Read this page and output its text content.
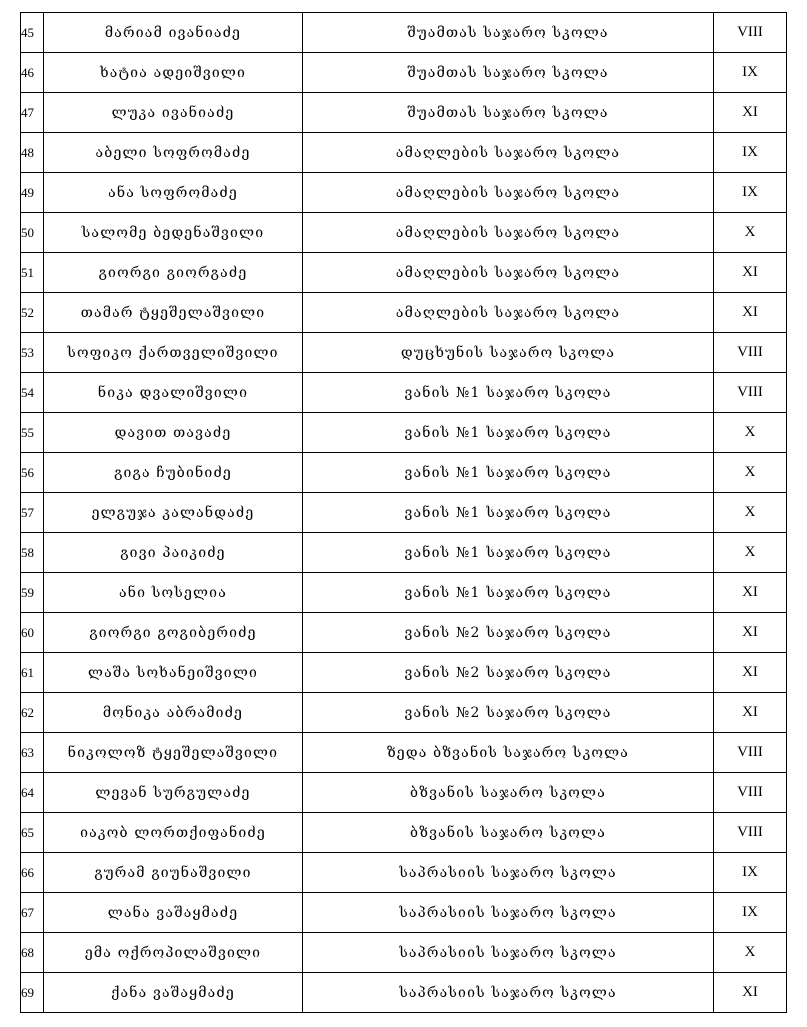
45	მარიამ ივანიაძე	შუამთას საჯარო სკოლა	VIII
46	ხატია ადეიშვილი	შუამთას საჯარო სკოლა	IX
47	ლუკა ივანიაძე	შუამთას საჯარო სკოლა	XI
48	აბელი სოფრომაძე	ამაღლების საჯარო სკოლა	IX
49	ანა სოფრომაძე	ამაღლების საჯარო სკოლა	IX
50	სალომე ბედენაშვილი	ამაღლების საჯარო სკოლა	X
51	გიორგი გიორგაძე	ამაღლების საჯარო სკოლა	XI
52	თამარ ტყეშელაშვილი	ამაღლების საჯარო სკოლა	XI
53	სოფიკო ქართველიშვილი	დუცხუნის საჯარო სკოლა	VIII
54	ნიკა დვალიშვილი	ვანის №1 საჯარო სკოლა	VIII
55	დავით თავაძე	ვანის №1 საჯარო სკოლა	X
56	გიგა ჩუბინიძე	ვანის №1 საჯარო სკოლა	X
57	ელგუჯა კალანდაძე	ვანის №1 საჯარო სკოლა	X
58	გივი პაიკიძე	ვანის №1 საჯარო სკოლა	X
59	ანი სოსელია	ვანის №1 საჯარო სკოლა	XI
60	გიორგი გოგიბერიძე	ვანის №2 საჯარო სკოლა	XI
61	ლაშა სოხანეიშვილი	ვანის №2 საჯარო სკოლა	XI
62	მონიკა აბრამიძე	ვანის №2 საჯარო სკოლა	XI
63	ნიკოლოზ ტყეშელაშვილი	ზედა ბზვანის საჯარო სკოლა	VIII
64	ლევან სურგულაძე	ბზვანის საჯარო სკოლა	VIII
65	იაკობ ლორთქიფანიძე	ბზვანის საჯარო სკოლა	VIII
66	გურამ გიუნაშვილი	საპრასიის საჯარო სკოლა	IX
67	ლანა ვაშაყმაძე	საპრასიის საჯარო სკოლა	IX
68	ემა ოქროპილაშვილი	საპრასიის საჯარო სკოლა	X
69	ქანა ვაშაყმაძე	საპრასიის საჯარო სკოლა	XI
